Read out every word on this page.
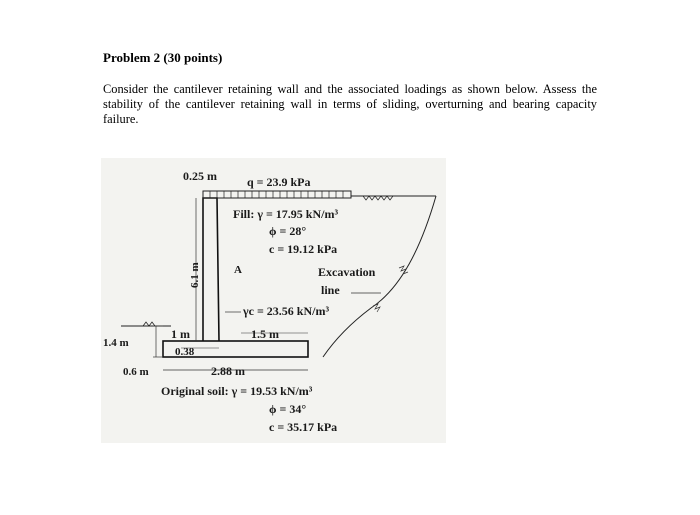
Problem 2 (30 points)
Consider the cantilever retaining wall and the associated loadings as shown below. Assess the stability of the cantilever retaining wall in terms of sliding, overturning and bearing capacity failure.
0.25 m	q = 23.9 kPa
Fill: γ = 17.95 kN/m³
ϕ = 28°
c = 19.12 kPa
6.1 m	A	Excavation
line
γc = 23.56 kN/m³
1 m	1.5 m
1.4 m
0.38
0.6 m	2.88 m
Original soil: γ = 19.53 kN/m³
ϕ = 34°
c = 35.17 kPa
